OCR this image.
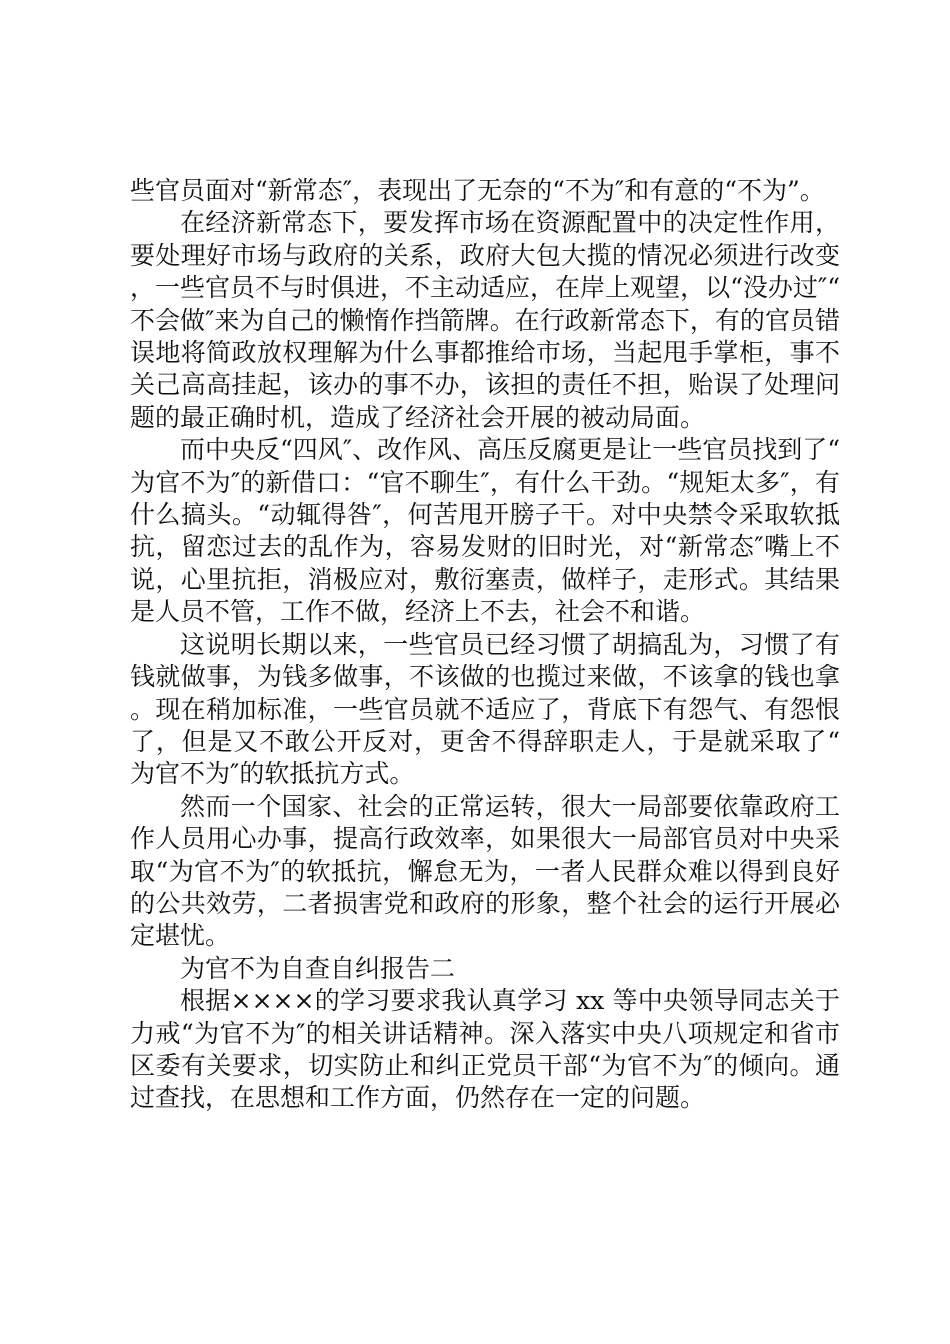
些官员面对“新常态″，表现出了无奈的“不为″和有意的“不为”。

在经济新常态下，要发挥市场在资源配置中的决定性作用，要处理好市场与政府的关系，政府大包大揽的情况必须进行改变，一些官员不与时俱进，不主动适应，在岸上观望，以“没办过″“不会做″来为自己的懒惰作挡箭牌。在行政新常态下，有的官员错误地将简政放权理解为什么事都推给市场，当起甩手掌柜，事不关己高高挂起，该办的事不办，该担的责任不担，贻误了处理问题的最正确时机，造成了经济社会开展的被动局面。

而中央反“四风″、改作风、高压反腐更是让一些官员找到了“为官不为″的新借口：“官不聊生″，有什么干劲。“规矩太多″，有什么搞头。“动辄得咎″，何苦甩开膀子干。对中央禁令采取软抵抗，留恋过去的乱作为，容易发财的旧时光，对“新常态″嘴上不说，心里抗拒，消极应对，敷衍塞责，做样子，走形式。其结果是人员不管，工作不做，经济上不去，社会不和谐。

这说明长期以来，一些官员已经习惯了胡搞乱为，习惯了有钱就做事，为钱多做事，不该做的也揽过来做，不该拿的钱也拿。现在稍加标准，一些官员就不适应了，背底下有怨气、有怨恨了，但是又不敢公开反对，更舍不得辞职走人，于是就采取了“为官不为″的软抵抗方式。

然而一个国家、社会的正常运转，很大一局部要依靠政府工作人员用心办事，提高行政效率，如果很大一局部官员对中央采取“为官不为″的软抵抗，懈怠无为，一者人民群众难以得到良好的公共效劳，二者损害党和政府的形象，整个社会的运行开展必定堪忧。

为官不为自查自纠报告二

根据××××的学习要求我认真学习 xx 等中央领导同志关于力戒“为官不为″的相关讲话精神。深入落实中央八项规定和省市区委有关要求，切实防止和纠正党员干部“为官不为″的倾向。通过查找，在思想和工作方面，仍然存在一定的问题。
